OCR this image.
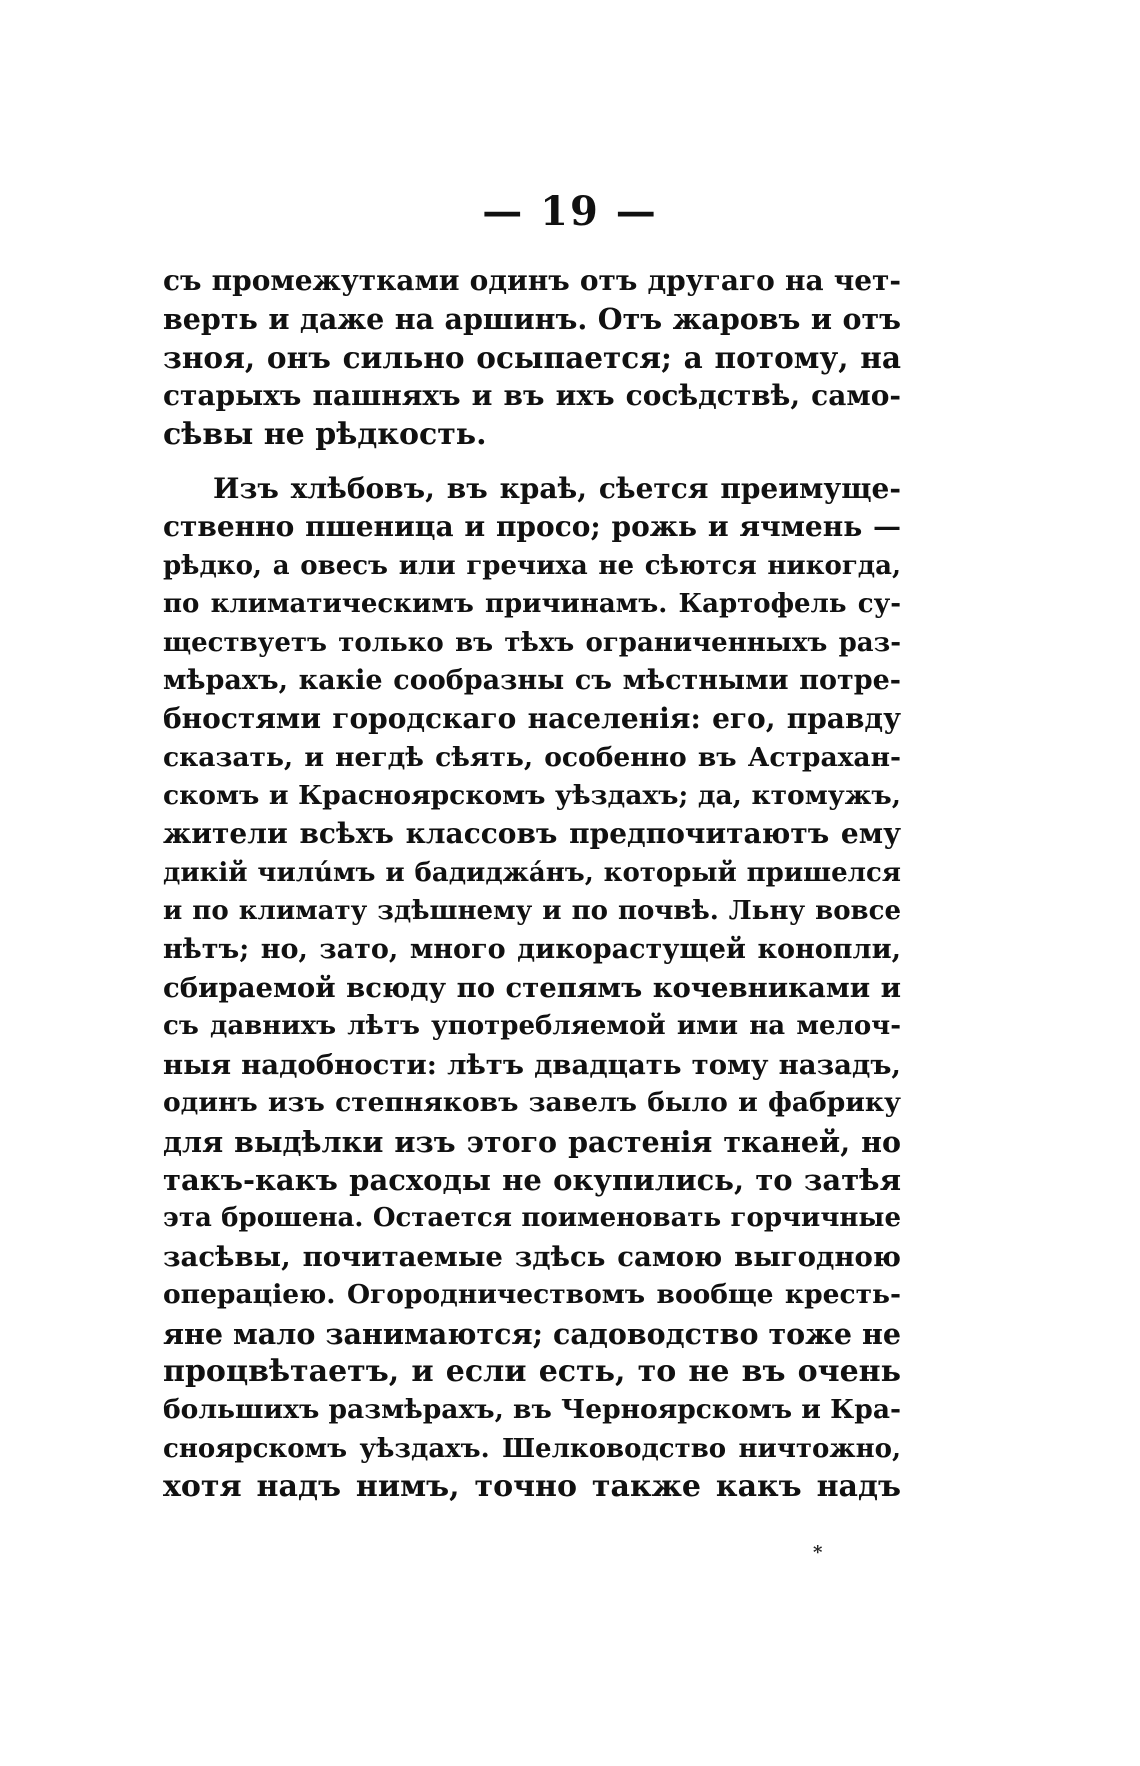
— 19 —
съ промежутками одинъ отъ другаго на чет-
верть и даже на аршинъ. Отъ жаровъ и отъ
зноя, онъ сильно осыпается; а потому, на
старыхъ пашняхъ и въ ихъ сосѣдствѣ, само-
сѣвы не рѣдкость.
Изъ хлѣбовъ, въ краѣ, сѣется преимуще-
ственно пшеница и просо; рожь и ячмень —
рѣдко, а овесъ или гречиха не сѣются никогда,
по климатическимъ причинамъ. Картофель су-
ществуетъ только въ тѣхъ ограниченныхъ раз-
мѣрахъ, какіе сообразны съ мѣстными потре-
бностями городскаго населенія: его, правду
сказать, и негдѣ сѣять, особенно въ Астрахан-
скомъ и Красноярскомъ уѣздахъ; да, ктомужъ,
жители всѣхъ классовъ предпочитаютъ ему
дикій чилúмъ и бадиджáнъ, который пришелся
и по климату здѣшнему и по почвѣ. Льну вовсе
нѣтъ; но, зато, много дикорастущей конопли,
сбираемой всюду по степямъ кочевниками и
съ давнихъ лѣтъ употребляемой ими на мелоч-
ныя надобности: лѣтъ двадцать тому назадъ,
одинъ изъ степняковъ завелъ было и фабрику
для выдѣлки изъ этого растенія тканей, но
такъ-какъ расходы не окупились, то затѣя
эта брошена. Остается поименовать горчичные
засѣвы, почитаемые здѣсь самою выгодною
операціею. Огородничествомъ вообще кресть-
яне мало занимаются; садоводство тоже не
процвѣтаетъ, и если есть, то не въ очень
большихъ размѣрахъ, въ Черноярскомъ и Кра-
сноярскомъ уѣздахъ. Шелководство ничтожно,
хотя надъ нимъ, точно также какъ надъ
*
